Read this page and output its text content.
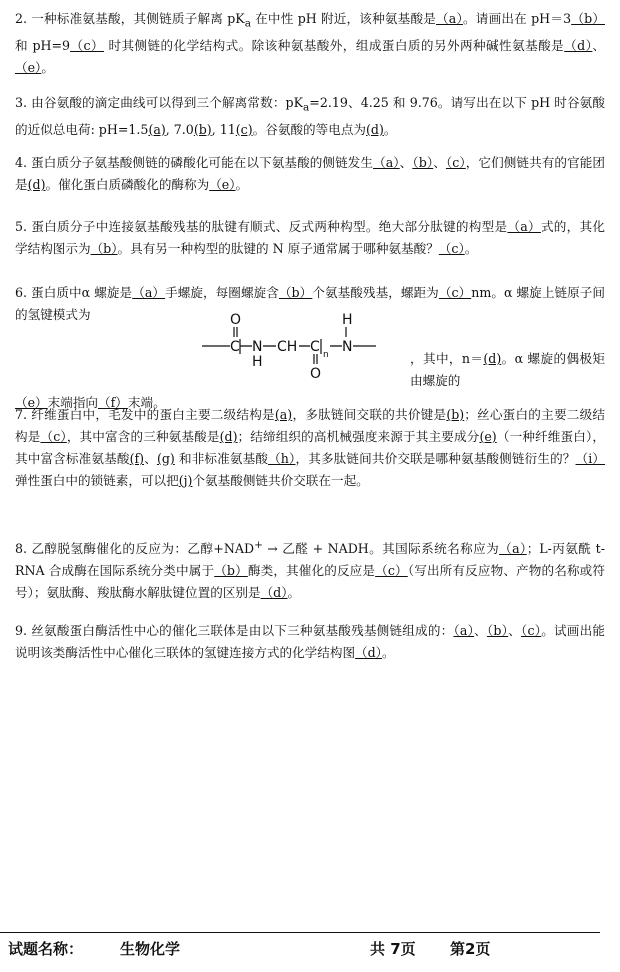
2. 一种标准氨基酸，其侧链质子解离 $pK_a$ 在中性 pH 附近，该种氨基酸是（a）。请画出在 pH＝3（b） 和 pH=9（c） 时其侧链的化学结构式。除该种氨基酸外，组成蛋白质的另外两种碱性氨基酸是（d）、（e）。

3. 由谷氨酸的滴定曲线可以得到三个解离常数：$pK_a=2.19$、4.25 和 9.76。请写出在以下 pH 时谷氨酸的近似总电荷: pH=1.5(a), 7.0(b), 11(c)。谷氨酸的等电点为(d)。

4. 蛋白质分子氨基酸侧链的磷酸化可能在以下氨基酸的侧链发生（a）、（b）、（c），它们侧链共有的官能团是(d)。催化蛋白质磷酸化的酶称为（e）。

5. 蛋白质分子中连接氨基酸残基的肽键有顺式、反式两种构型。绝大部分肽键的构型是（a）式的，其化学结构图示为（b）。具有另一种构型的肽键的 N 原子通常属于哪种氨基酸？（c）。

6. 蛋白质中α 螺旋是（a）手螺旋，每圈螺旋含（b）个氨基酸残基，螺距为（c）nm。α 螺旋上链原子间的氢键模式为

，其中，n＝(d)。α 螺旋的偶极矩由螺旋的

（e）末端指向（f）末端。

O
C N
H
CH C
O
n
H
N

7. 纤维蛋白中，毛发中的蛋白主要二级结构是(a)，多肽链间交联的共价键是(b)；丝心蛋白的主要二级结构是（c），其中富含的三种氨基酸是(d)；结缔组织的高机械强度来源于其主要成分(e)（一种纤维蛋白），其中富含标准氨基酸(f)、(g) 和非标准氨基酸（h），其多肽链间共价交联是哪种氨基酸侧链衍生的？（i）弹性蛋白中的锁链素，可以把(j)个氨基酸侧链共价交联在一起。

8. 乙醇脱氢酶催化的反应为：乙醇+NAD+ → 乙醛 + NADH。其国际系统名称应为（a）；L-丙氨酰 t-RNA 合成酶在国际系统分类中属于（b）酶类，其催化的反应是（c）（写出所有反应物、产物的名称或符号）；氨肽酶、羧肽酶水解肽键位置的区别是（d）。

9. 丝氨酸蛋白酶活性中心的催化三联体是由以下三种氨基酸残基侧链组成的：（a）、（b）、（c）。试画出能说明该类酶活性中心催化三联体的氢键连接方式的化学结构图（d）。

试题名称： 生物化学	共 7页 第2页
